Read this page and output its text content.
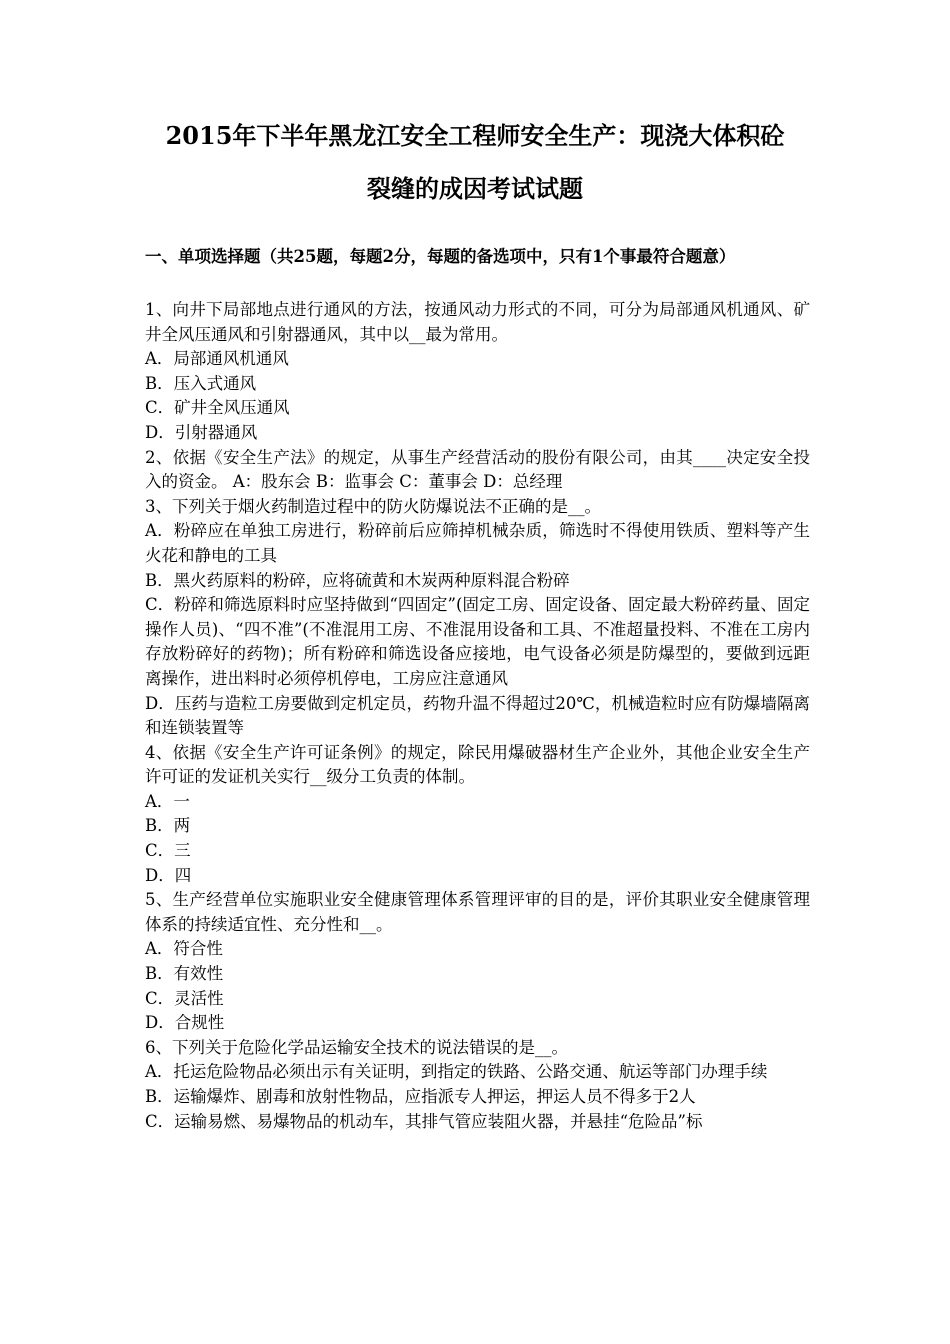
2015年下半年黑龙江安全工程师安全生产：现浇大体积砼
裂缝的成因考试试题
一、单项选择题（共25题，每题2分，每题的备选项中，只有1个事最符合题意）

1、向井下局部地点进行通风的方法，按通风动力形式的不同，可分为局部通风机通风、矿井全风压通风和引射器通风，其中以__最为常用。

A．局部通风机通风

B．压入式通风

C．矿井全风压通风

D．引射器通风

2、依据《安全生产法》的规定，从事生产经营活动的股份有限公司，由其____决定安全投入的资金。 A：股东会 B：监事会 C：董事会 D：总经理

3、下列关于烟火药制造过程中的防火防爆说法不正确的是__。

A．粉碎应在单独工房进行，粉碎前后应筛掉机械杂质，筛选时不得使用铁质、塑料等产生火花和静电的工具

B．黑火药原料的粉碎，应将硫黄和木炭两种原料混合粉碎

C．粉碎和筛选原料时应坚持做到“四固定”(固定工房、固定设备、固定最大粉碎药量、固定操作人员)、“四不准”(不准混用工房、不准混用设备和工具、不准超量投料、不准在工房内存放粉碎好的药物)；所有粉碎和筛选设备应接地，电气设备必须是防爆型的，要做到远距离操作，进出料时必须停机停电，工房应注意通风

D．压药与造粒工房要做到定机定员，药物升温不得超过20℃，机械造粒时应有防爆墙隔离和连锁装置等

4、依据《安全生产许可证条例》的规定，除民用爆破器材生产企业外，其他企业安全生产许可证的发证机关实行__级分工负责的体制。

A．一

B．两

C．三

D．四

5、生产经营单位实施职业安全健康管理体系管理评审的目的是，评价其职业安全健康管理体系的持续适宜性、充分性和__。

A．符合性

B．有效性

C．灵活性

D．合规性

6、下列关于危险化学品运输安全技术的说法错误的是__。

A．托运危险物品必须出示有关证明，到指定的铁路、公路交通、航运等部门办理手续

B．运输爆炸、剧毒和放射性物品，应指派专人押运，押运人员不得多于2人

C．运输易燃、易爆物品的机动车，其排气管应装阻火器，并悬挂“危险品”标
